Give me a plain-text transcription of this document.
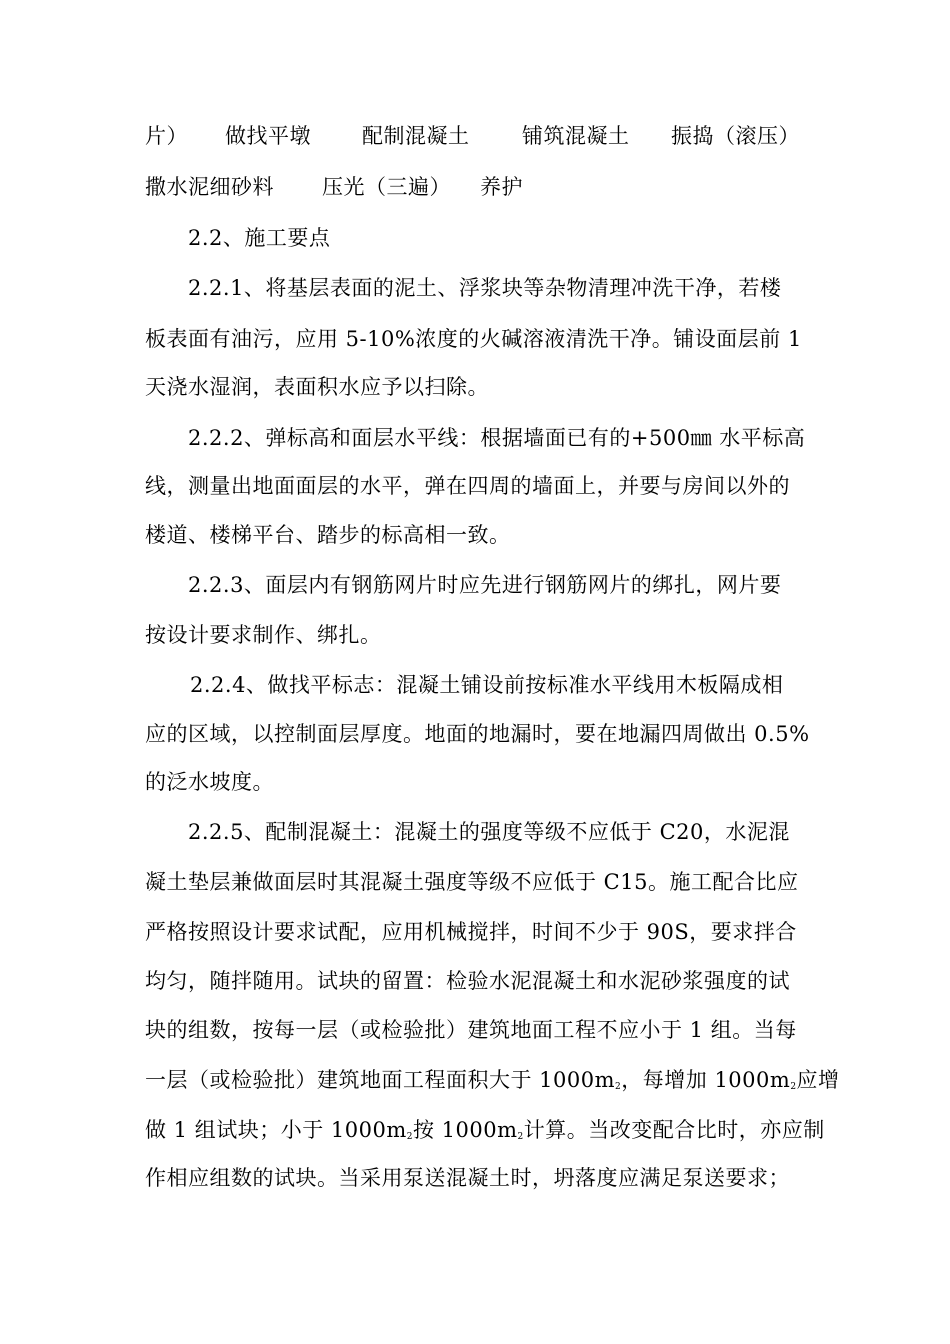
片） 做找平墩 配制混凝土	铺筑混凝土 振捣（滚压）
撒水泥细砂料 压光（三遍） 养护
2.2、施工要点
2.2.1、将基层表面的泥土、浮浆块等杂物清理冲洗干净，若楼
板表面有油污，应用 5-10%浓度的火碱溶液清洗干净。铺设面层前 1
天浇水湿润，表面积水应予以扫除。
2.2.2、弹标高和面层水平线：根据墙面已有的+500㎜ 水平标高
线，测量出地面面层的水平，弹在四周的墙面上，并要与房间以外的
楼道、楼梯平台、踏步的标高相一致。
2.2.3、面层内有钢筋网片时应先进行钢筋网片的绑扎，网片要
按设计要求制作、绑扎。
2.2.4、做找平标志：混凝土铺设前按标准水平线用木板隔成相
应的区域，以控制面层厚度。地面的地漏时，要在地漏四周做出 0.5%
的泛水坡度。
2.2.5、配制混凝土：混凝土的强度等级不应低于 C20，水泥混
凝土垫层兼做面层时其混凝土强度等级不应低于 C15。施工配合比应
严格按照设计要求试配，应用机械搅拌，时间不少于 90S，要求拌合
均匀，随拌随用。试块的留置：检验水泥混凝土和水泥砂浆强度的试
块的组数，按每一层（或检验批）建筑地面工程不应小于 1 组。当每
一层（或检验批）建筑地面工程面积大于 $1000m_2$，每增加 $1000m_2$应增
做 1 组试块；小于 $1000m_2$按 $1000m_2$计算。当改变配合比时，亦应制
作相应组数的试块。当采用泵送混凝土时，坍落度应满足泵送要求；
